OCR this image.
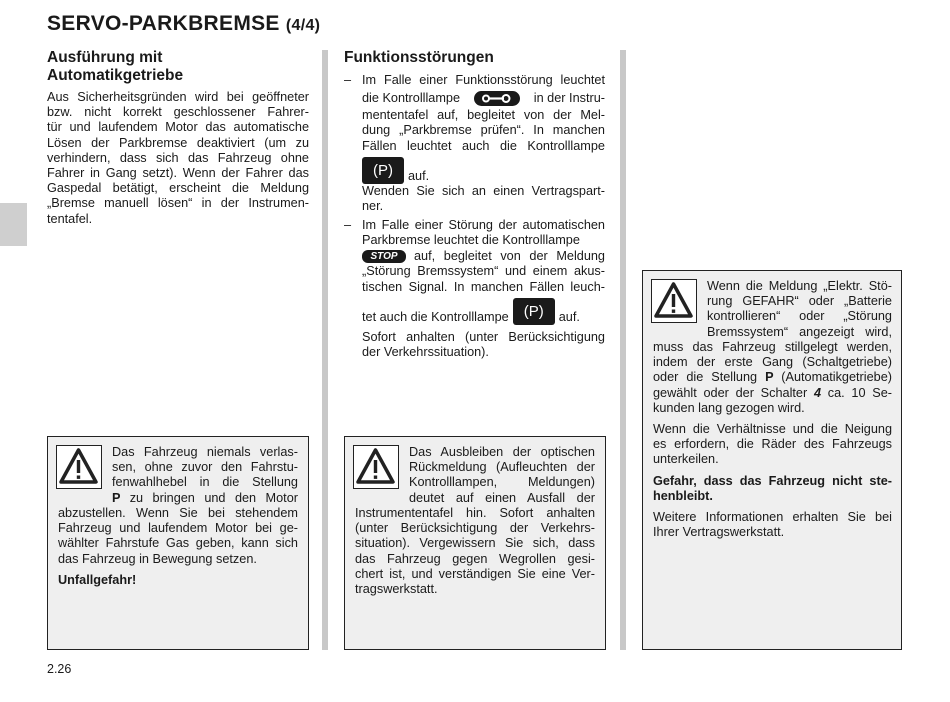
SERVO-PARKBREMSE (4/4)
Ausführung mit
Automatikgetriebe
Aus Sicherheitsgründen wird bei geöffneter
bzw. nicht korrekt geschlossener Fahrer-
tür und laufendem Motor das automatische
Lösen der Parkbremse deaktiviert (um zu
verhindern, dass sich das Fahrzeug ohne
Fahrer in Gang setzt). Wenn der Fahrer das
Gaspedal betätigt, erscheint die Meldung
„Bremse manuell lösen“ in der Instrumen-
tentafel.
Das Fahrzeug niemals verlas-
sen, ohne zuvor den Fahrstu-
fenwahlhebel in die Stellung
P zu bringen und den Motor
abzustellen. Wenn Sie bei stehendem
Fahrzeug und laufendem Motor bei ge-
wählter Fahrstufe Gas geben, kann sich
das Fahrzeug in Bewegung setzen.
Unfallgefahr!
Funktionsstörungen
– Im Falle einer Funktionsstörung leuchtet
die Kontrolllampe	in der Instru-
mententafel auf, begleitet von der Mel-
dung „Parkbremse prüfen“. In manchen
Fällen leuchtet auch die Kontrolllampe
(P)	auf.
Wenden Sie sich an einen Vertragspart-
ner.
– Im Falle einer Störung der automatischen
Parkbremse leuchtet die Kontrolllampe
STOP	auf, begleitet von der Meldung
„Störung Bremssystem“ und einem akus-
tischen Signal. In manchen Fällen leuch-
tet auch die Kontrolllampe	(P)	auf.
Sofort anhalten (unter Berücksichtigung
der Verkehrssituation).
Das Ausbleiben der optischen
Rückmeldung (Aufleuchten der
Kontrolllampen, Meldungen)
deutet auf einen Ausfall der
Instrumententafel hin. Sofort anhalten
(unter Berücksichtigung der Verkehrs-
situation). Vergewissern Sie sich, dass
das Fahrzeug gegen Wegrollen gesi-
chert ist, und verständigen Sie eine Ver-
tragswerkstatt.
Wenn die Meldung „Elektr. Stö-
rung GEFAHR“ oder „Batterie
kontrollieren“ oder „Störung
Bremssystem“ angezeigt wird,
muss das Fahrzeug stillgelegt werden,
indem der erste Gang (Schaltgetriebe)
oder die Stellung P (Automatikgetriebe)
gewählt oder der Schalter 4 ca. 10 Se-
kunden lang gezogen wird.
Wenn die Verhältnisse und die Neigung
es erfordern, die Räder des Fahrzeugs
unterkeilen.
Gefahr, dass das Fahrzeug nicht ste-
henbleibt.
Weitere Informationen erhalten Sie bei
Ihrer Vertragswerkstatt.
2.26
